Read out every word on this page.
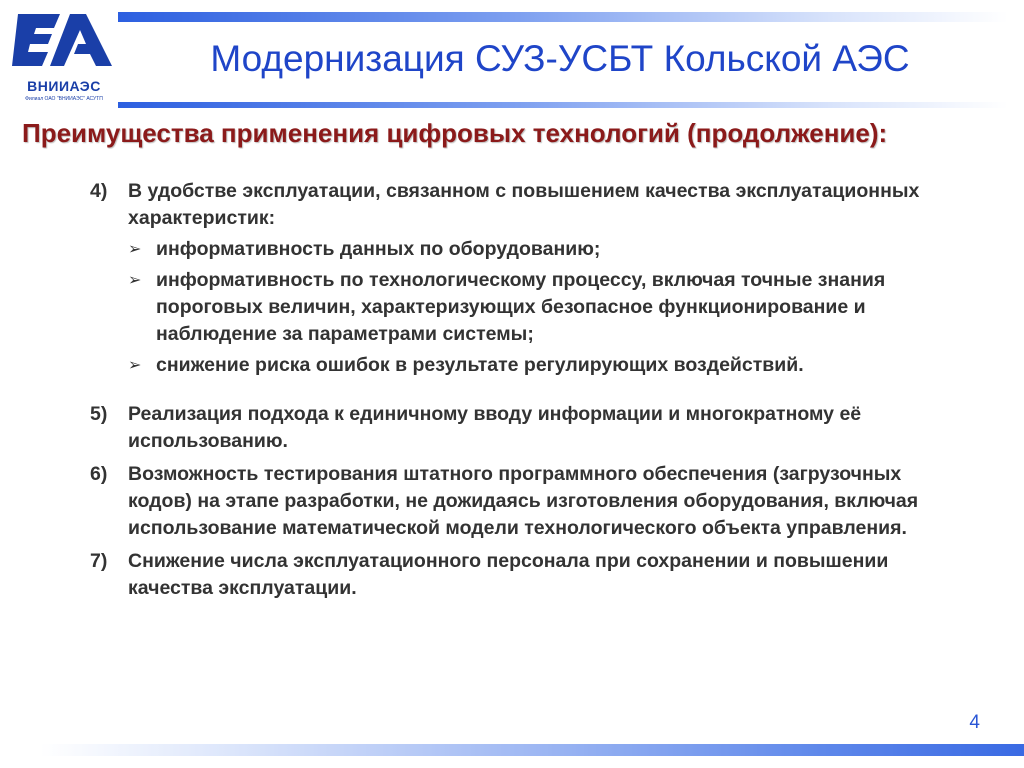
ВНИИАЭС
Филиал ОАО "ВНИИАЭС" АСУТП
Модернизация СУЗ-УСБТ Кольской АЭС
Преимущества применения цифровых технологий (продолжение):
4)	В удобстве эксплуатации, связанном с повышением качества эксплуатационных характеристик:
➢ информативность данных по оборудованию;
➢ информативность по технологическому процессу, включая точные знания пороговых величин, характеризующих безопасное функционирование и наблюдение за параметрами системы;
➢ снижение риска ошибок в результате регулирующих воздействий.
5)	Реализация подхода к единичному вводу информации и многократному её использованию.
6)	Возможность тестирования штатного программного обеспечения (загрузочных кодов) на этапе разработки, не дожидаясь изготовления оборудования, включая использование математической модели технологического объекта управления.
7)	Снижение числа эксплуатационного персонала при сохранении и повышении качества эксплуатации.
4
